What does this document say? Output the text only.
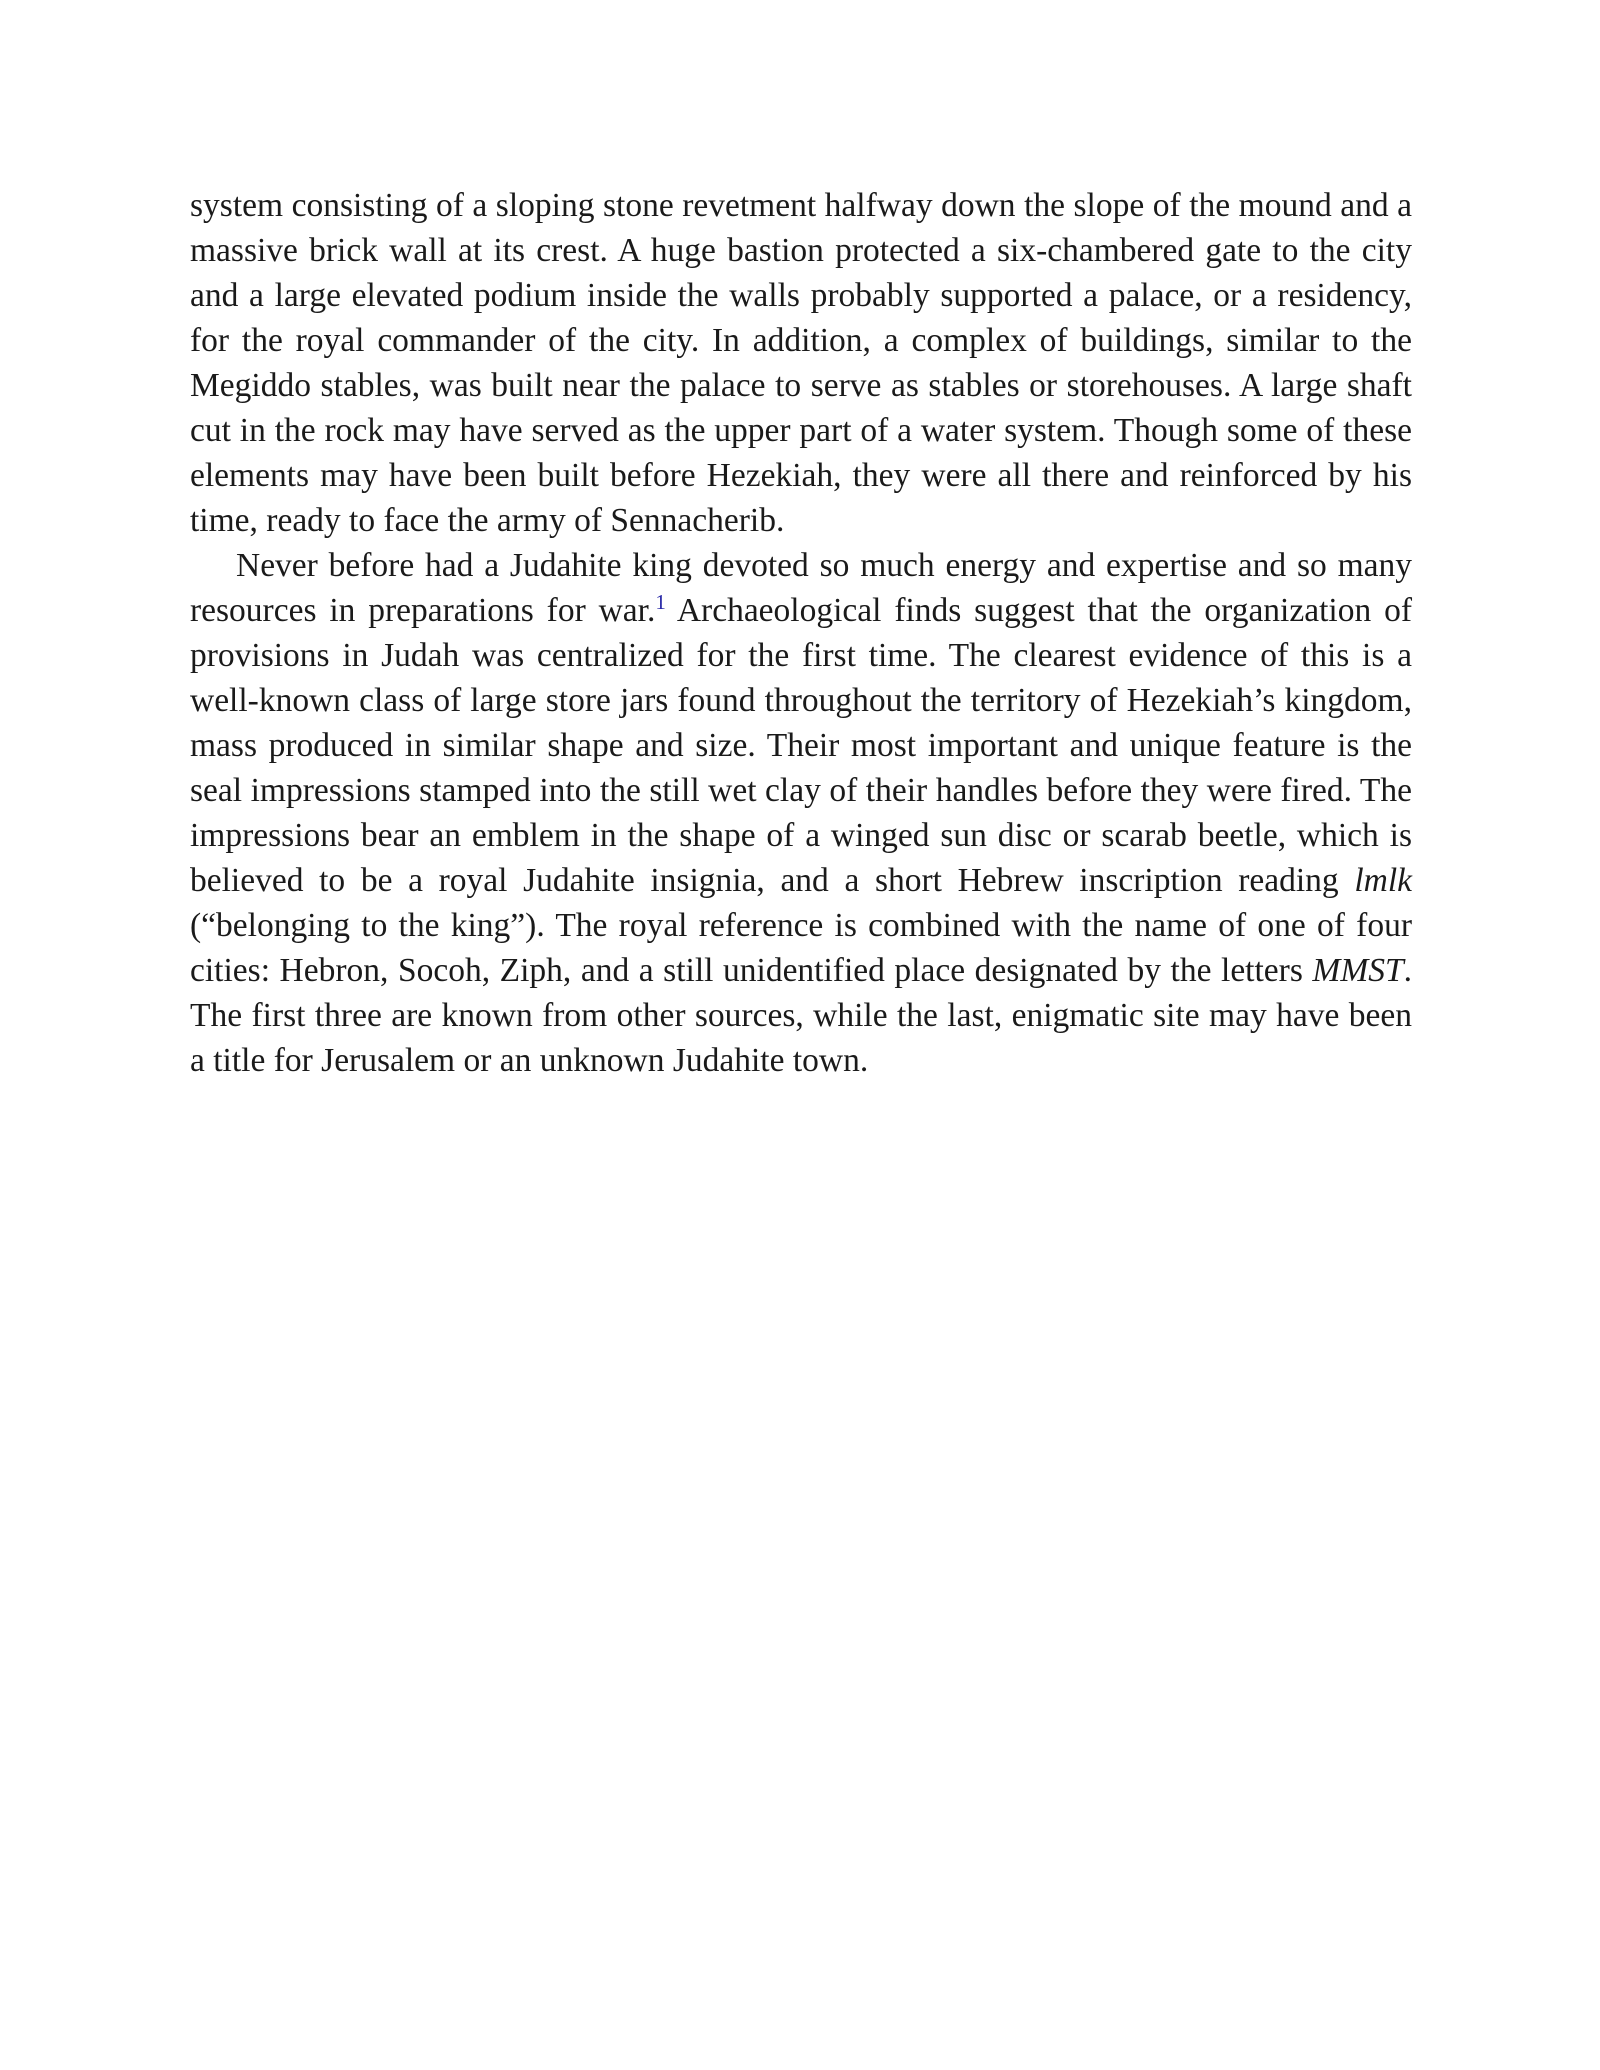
system consisting of a sloping stone revetment halfway down the slope of the mound and a massive brick wall at its crest. A huge bastion protected a six-chambered gate to the city and a large elevated podium inside the walls probably supported a palace, or a residency, for the royal commander of the city. In addition, a complex of buildings, similar to the Megiddo stables, was built near the palace to serve as stables or storehouses. A large shaft cut in the rock may have served as the upper part of a water system. Though some of these elements may have been built before Hezekiah, they were all there and reinforced by his time, ready to face the army of Sennacherib.

Never before had a Judahite king devoted so much energy and expertise and so many resources in preparations for war.$^1$ Archaeological finds suggest that the organization of provisions in Judah was centralized for the first time. The clearest evidence of this is a well-known class of large store jars found throughout the territory of Hezekiah’s kingdom, mass produced in similar shape and size. Their most important and unique feature is the seal impressions stamped into the still wet clay of their handles before they were fired. The impressions bear an emblem in the shape of a winged sun disc or scarab beetle, which is believed to be a royal Judahite insignia, and a short Hebrew inscription reading lmlk (“belonging to the king”). The royal reference is combined with the name of one of four cities: Hebron, Socoh, Ziph, and a still unidentified place designated by the letters MMST. The first three are known from other sources, while the last, enigmatic site may have been a title for Jerusalem or an unknown Judahite town.
